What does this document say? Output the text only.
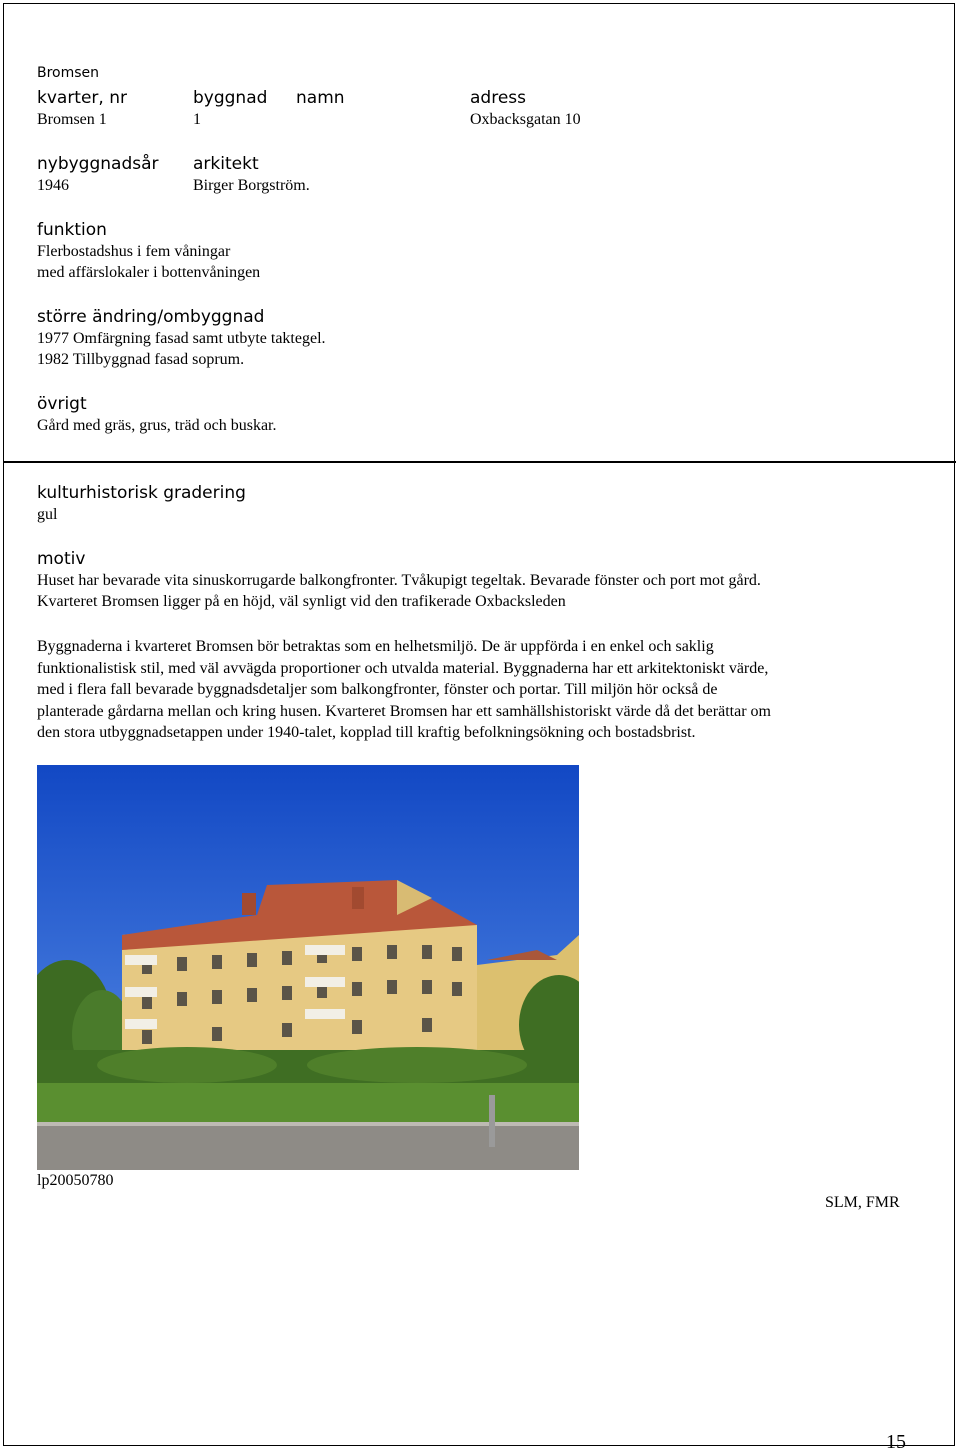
Bromsen
kvarter, nr	byggnad namn	adress
Bromsen 1	1	Oxbacksgatan 10
nybyggnadsår arkitekt
1946	Birger Borgström.
funktion
Flerbostadshus i fem våningar
med affärslokaler i bottenvåningen
större ändring/ombyggnad
1977 Omfärgning fasad samt utbyte taktegel.
1982 Tillbyggnad fasad soprum.
övrigt
Gård med gräs, grus, träd och buskar.
kulturhistorisk gradering
gul
motiv
Huset har bevarade vita sinuskorrugarde balkongfronter. Tvåkupigt tegeltak. Bevarade fönster och port mot gård.
Kvarteret Bromsen ligger på en höjd, väl synligt vid den trafikerade Oxbacksleden
Byggnaderna i kvarteret Bromsen bör betraktas som en helhetsmiljö. De är uppförda i en enkel och saklig
funktionalistisk stil, med väl avvägda proportioner och utvalda material. Byggnaderna har ett arkitektoniskt värde,
med i flera fall bevarade byggnadsdetaljer som balkongfronter, fönster och portar. Till miljön hör också de
planterade gårdarna mellan och kring husen. Kvarteret Bromsen har ett samhällshistoriskt värde då det berättar om
den stora utbyggnadsetappen under 1940-talet, kopplad till kraftig befolkningsökning och bostadsbrist.
lp20050780
SLM, FMR
15
